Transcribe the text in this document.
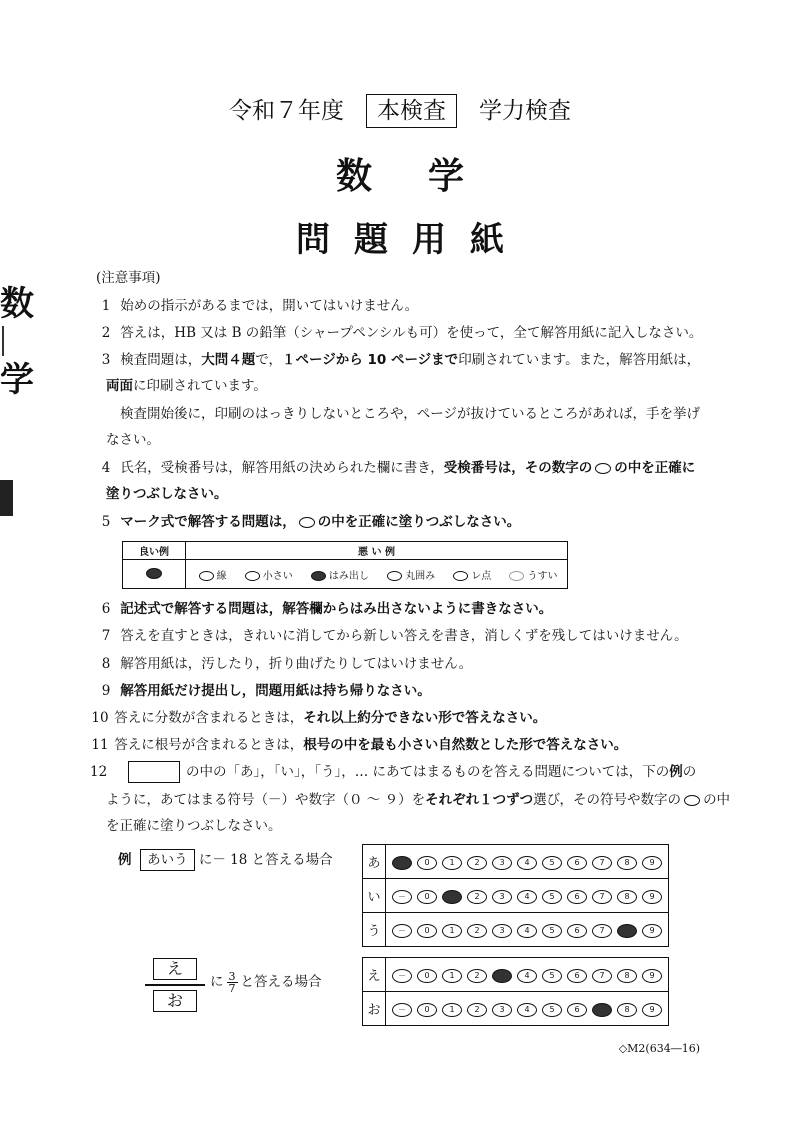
令和７年度 本検査 学力検査
数学
問題用紙
数
学
(注意事項)
1 始めの指示があるまでは，開いてはいけません。
2 答えは，HB 又は B の鉛筆（シャープペンシルも可）を使って，全て解答用紙に記入しなさい。
3 検査問題は，大問４題で，１ページから 10 ページまで印刷されています。また，解答用紙は，
両面に印刷されています。
検査開始後に，印刷のはっきりしないところや，ページが抜けているところがあれば，手を挙げ
なさい。
4 氏名，受検番号は，解答用紙の決められた欄に書き，受検番号は，その数字の の中を正確に
塗りつぶしなさい。
5 マーク式で解答する問題は， の中を正確に塗りつぶしなさい。
良い例	悪 い 例
	線 小さい はみ出し 丸囲み レ点 うすい
6 記述式で解答する問題は，解答欄からはみ出さないように書きなさい。
7 答えを直すときは，きれいに消してから新しい答えを書き，消しくずを残してはいけません。
8 解答用紙は，汚したり，折り曲げたりしてはいけません。
9 解答用紙だけ提出し，問題用紙は持ち帰りなさい。
10 答えに分数が含まれるときは，それ以上約分できない形で答えなさい。
11 答えに根号が含まれるときは，根号の中を最も小さい自然数とした形で答えなさい。
12	の中の「あ」，「い」，「う」，… にあてはまるものを答える問題については，下の例の
ように，あてはまる符号（－）や数字（０ ～ ９）をそれぞれ１つずつ選び，その符号や数字の の中
を正確に塗りつぶしなさい。
例 あいう に－ 18 と答える場合	あ	－ 0 1 2 3 4 5 6 7 8 9
い	－ 0 1 2 3 4 5 6 7 8 9
う	－ 0 1 2 3 4 5 6 7 8 9
え
お
に $\frac{3}{7}$ と答える場合	え	－ 0 1 2 3 4 5 6 7 8 9
お	－ 0 1 2 3 4 5 6 7 8 9
◇M2(634―16)
